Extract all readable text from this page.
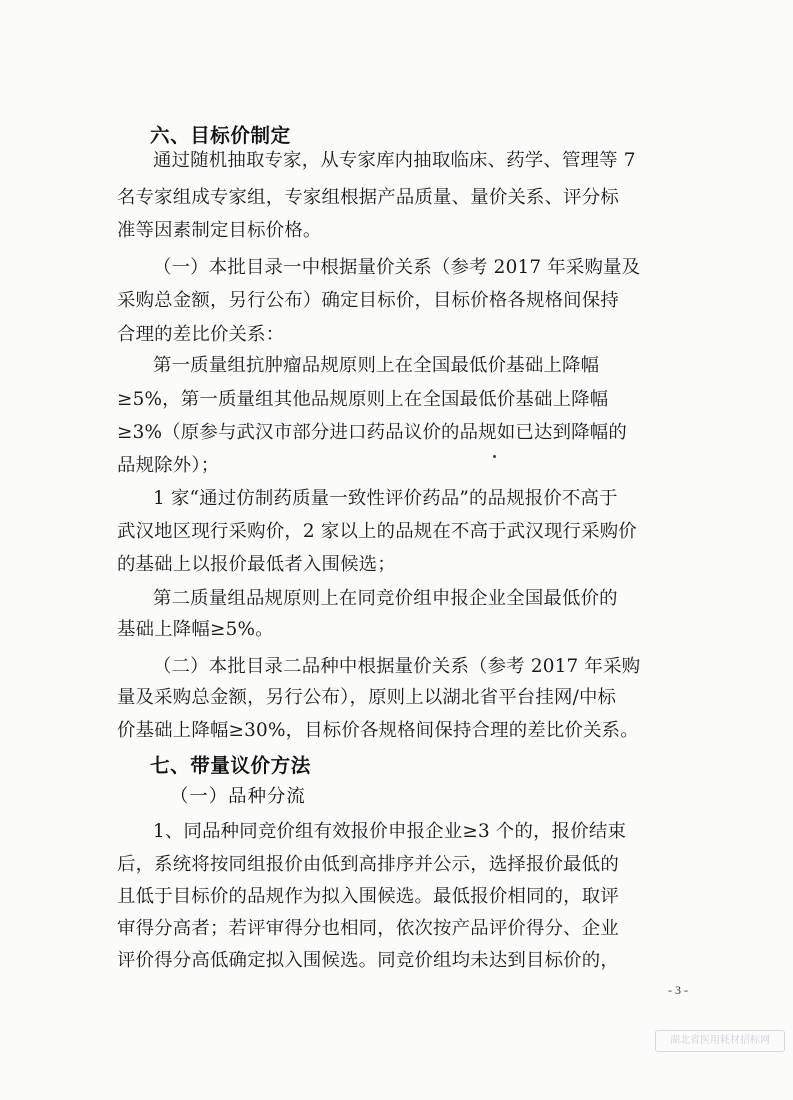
六、目标价制定
通过随机抽取专家，从专家库内抽取临床、药学、管理等 7
名专家组成专家组，专家组根据产品质量、量价关系、评分标
准等因素制定目标价格。
（一）本批目录一中根据量价关系（参考 2017 年采购量及
采购总金额，另行公布）确定目标价，目标价格各规格间保持
合理的差比价关系：
第一质量组抗肿瘤品规原则上在全国最低价基础上降幅
≥5%，第一质量组其他品规原则上在全国最低价基础上降幅
≥3%（原参与武汉市部分进口药品议价的品规如已达到降幅的
品规除外）；
1 家“通过仿制药质量一致性评价药品”的品规报价不高于
武汉地区现行采购价，2 家以上的品规在不高于武汉现行采购价
的基础上以报价最低者入围候选；
第二质量组品规原则上在同竞价组申报企业全国最低价的
基础上降幅≥5%。
（二）本批目录二品种中根据量价关系（参考 2017 年采购
量及采购总金额，另行公布），原则上以湖北省平台挂网/中标
价基础上降幅≥30%，目标价各规格间保持合理的差比价关系。
七、带量议价方法
（一）品种分流
1、同品种同竞价组有效报价申报企业≥3 个的，报价结束
后，系统将按同组报价由低到高排序并公示，选择报价最低的
且低于目标价的品规作为拟入围候选。最低报价相同的，取评
审得分高者；若评审得分也相同，依次按产品评价得分、企业
评价得分高低确定拟入围候选。同竞价组均未达到目标价的，
- 3 -
湖北省医用耗材招标网
